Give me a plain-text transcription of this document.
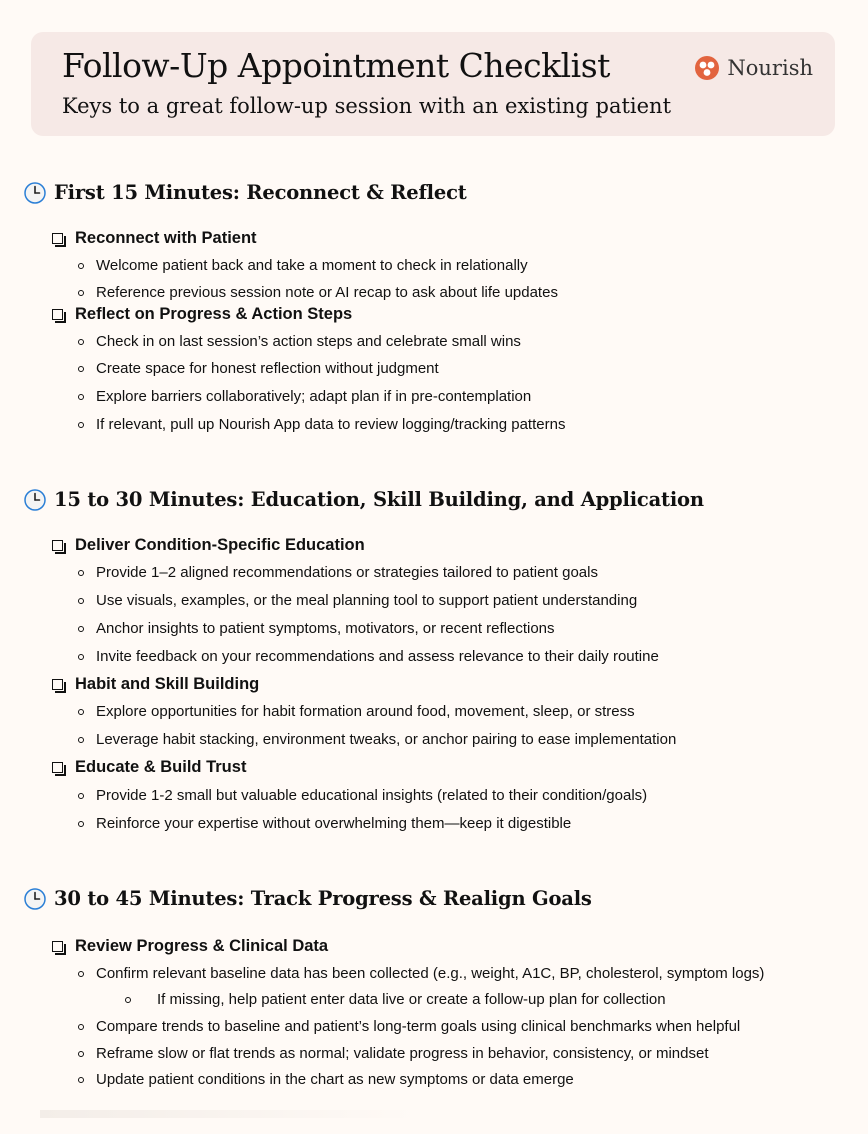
Follow-Up Appointment Checklist
Keys to a great follow-up session with an existing patient
Nourish
First 15 Minutes: Reconnect & Reflect
Reconnect with Patient
Welcome patient back and take a moment to check in relationally
Reference previous session note or AI recap to ask about life updates
Reflect on Progress & Action Steps
Check in on last session’s action steps and celebrate small wins
Create space for honest reflection without judgment
Explore barriers collaboratively; adapt plan if in pre-contemplation
If relevant, pull up Nourish App data to review logging/tracking patterns
15 to 30 Minutes: Education, Skill Building, and Application
Deliver Condition-Specific Education
Provide 1–2 aligned recommendations or strategies tailored to patient goals
Use visuals, examples, or the meal planning tool to support patient understanding
Anchor insights to patient symptoms, motivators, or recent reflections
Invite feedback on your recommendations and assess relevance to their daily routine
Habit and Skill Building
Explore opportunities for habit formation around food, movement, sleep, or stress
Leverage habit stacking, environment tweaks, or anchor pairing to ease implementation
Educate & Build Trust
Provide 1-2 small but valuable educational insights (related to their condition/goals)
Reinforce your expertise without overwhelming them—keep it digestible
30 to 45 Minutes: Track Progress & Realign Goals
Review Progress & Clinical Data
Confirm relevant baseline data has been collected (e.g., weight, A1C, BP, cholesterol, symptom logs)
If missing, help patient enter data live or create a follow-up plan for collection
Compare trends to baseline and patient’s long-term goals using clinical benchmarks when helpful
Reframe slow or flat trends as normal; validate progress in behavior, consistency, or mindset
Update patient conditions in the chart as new symptoms or data emerge
